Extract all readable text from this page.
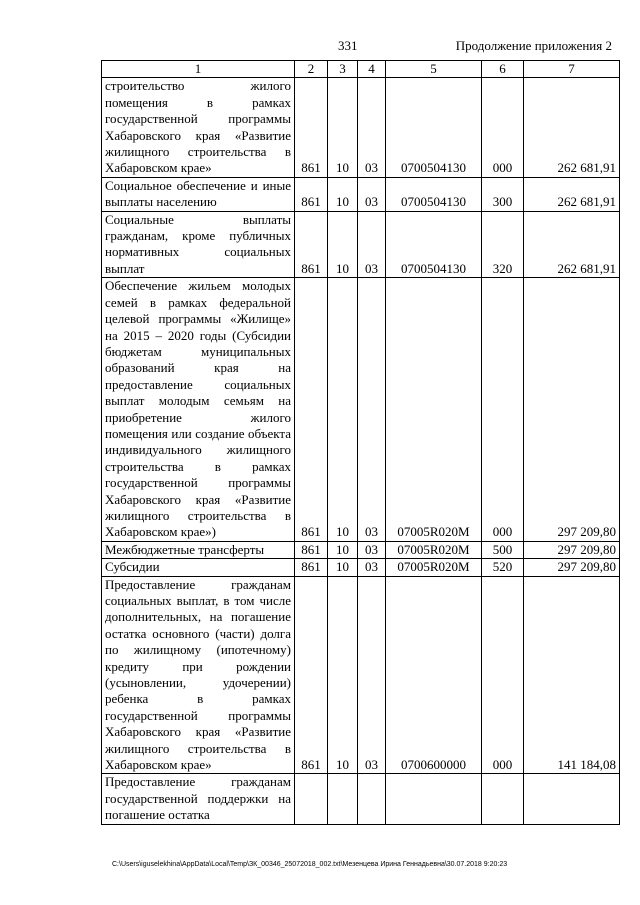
331	Продолжение приложения 2
1	2	3	4	5	6	7
строительство жилого помещения в рамках государственной программы Хабаровского края «Развитие жилищного строительства в Хабаровском крае»	861	10	03	0700504130	000	262 681,91
Социальное обеспечение и иные выплаты населению	861	10	03	0700504130	300	262 681,91
Социальные выплаты гражданам, кроме публичных нормативных социальных выплат	861	10	03	0700504130	320	262 681,91
Обеспечение жильем молодых семей в рамках федеральной целевой программы «Жилище» на 2015 – 2020 годы (Субсидии бюджетам муниципальных образований края на предоставление социальных выплат молодым семьям на приобретение жилого помещения или создание объекта индивидуального жилищного строительства в рамках государственной программы Хабаровского края «Развитие жилищного строительства в Хабаровском крае»)	861	10	03	07005R020M	000	297 209,80
Межбюджетные трансферты	861	10	03	07005R020M	500	297 209,80
Субсидии	861	10	03	07005R020M	520	297 209,80
Предоставление гражданам социальных выплат, в том числе дополнительных, на погашение остатка основного (части) долга по жилищному (ипотечному) кредиту при рождении (усыновлении, удочерении) ребенка в рамках государственной программы Хабаровского края «Развитие жилищного строительства в Хабаровском крае»	861	10	03	0700600000	000	141 184,08
Предоставление гражданам государственной поддержки на погашение остатка						
C:\Users\iguselekhina\AppData\Local\Temp\ЗК_00346_25072018_002.txt\Мезенцева Ирина Геннадьевна\30.07.2018 9:20:23
